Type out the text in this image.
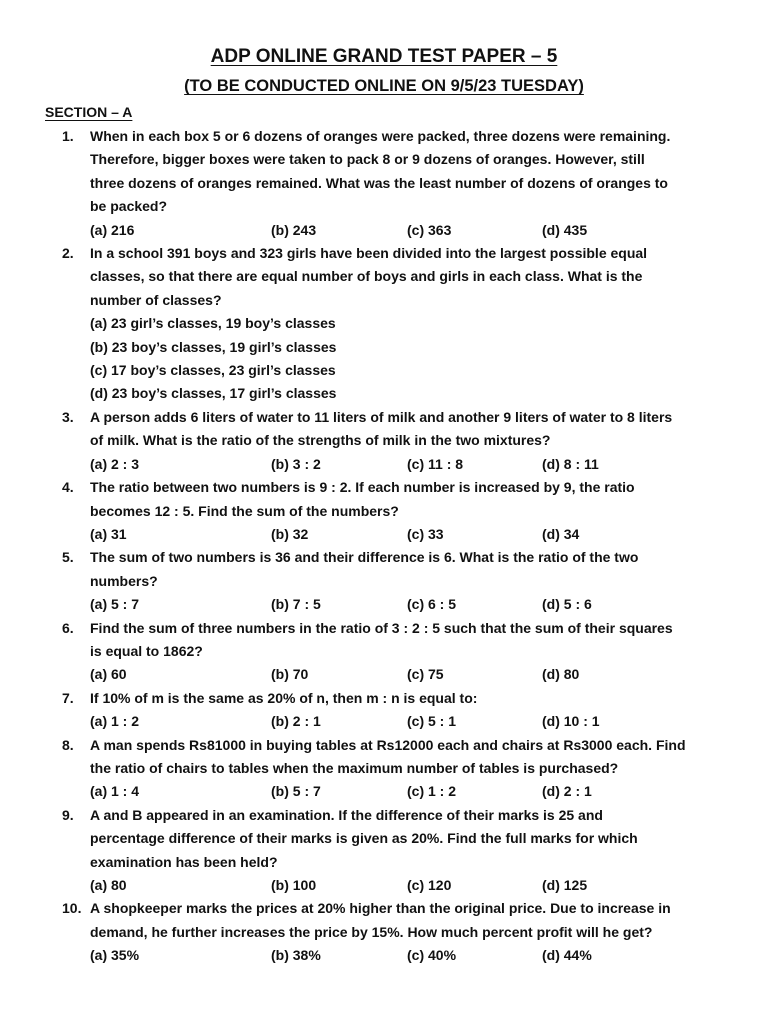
ADP ONLINE GRAND TEST PAPER – 5
(TO BE CONDUCTED ONLINE ON 9/5/23 TUESDAY)
SECTION – A
1.	When in each box 5 or 6 dozens of oranges were packed, three dozens were remaining.
Therefore, bigger boxes were taken to pack 8 or 9 dozens of oranges. However, still
three dozens of oranges remained. What was the least number of dozens of oranges to
be packed?

(a) 216	(b) 243	(c) 363	(d) 435
2.	In a school 391 boys and 323 girls have been divided into the largest possible equal
classes, so that there are equal number of boys and girls in each class. What is the
number of classes?

(a) 23 girl’s classes, 19 boy’s classes
(b) 23 boy’s classes, 19 girl’s classes
(c) 17 boy’s classes, 23 girl’s classes
(d) 23 boy’s classes, 17 girl’s classes
3.	A person adds 6 liters of water to 11 liters of milk and another 9 liters of water to 8 liters
of milk. What is the ratio of the strengths of milk in the two mixtures?

(a) 2 : 3	(b) 3 : 2	(c) 11 : 8	(d) 8 : 11
4.	The ratio between two numbers is 9 : 2. If each number is increased by 9, the ratio
becomes 12 : 5. Find the sum of the numbers?

(a) 31	(b) 32	(c) 33	(d) 34
5.	The sum of two numbers is 36 and their difference is 6. What is the ratio of the two
numbers?

(a) 5 : 7	(b) 7 : 5	(c) 6 : 5	(d) 5 : 6
6.	Find the sum of three numbers in the ratio of 3 : 2 : 5 such that the sum of their squares
is equal to 1862?

(a) 60	(b) 70	(c) 75	(d) 80
7.	If 10% of m is the same as 20% of n, then m : n is equal to:

(a) 1 : 2	(b) 2 : 1	(c) 5 : 1	(d) 10 : 1
8.	A man spends Rs81000 in buying tables at Rs12000 each and chairs at Rs3000 each. Find
the ratio of chairs to tables when the maximum number of tables is purchased?

(a) 1 : 4	(b) 5 : 7	(c) 1 : 2	(d) 2 : 1
9.	A and B appeared in an examination. If the difference of their marks is 25 and
percentage difference of their marks is given as 20%. Find the full marks for which
examination has been held?

(a) 80	(b) 100	(c) 120	(d) 125
10. A shopkeeper marks the prices at 20% higher than the original price. Due to increase in
demand, he further increases the price by 15%. How much percent profit will he get?

(a) 35%	(b) 38%	(c) 40%	(d) 44%
